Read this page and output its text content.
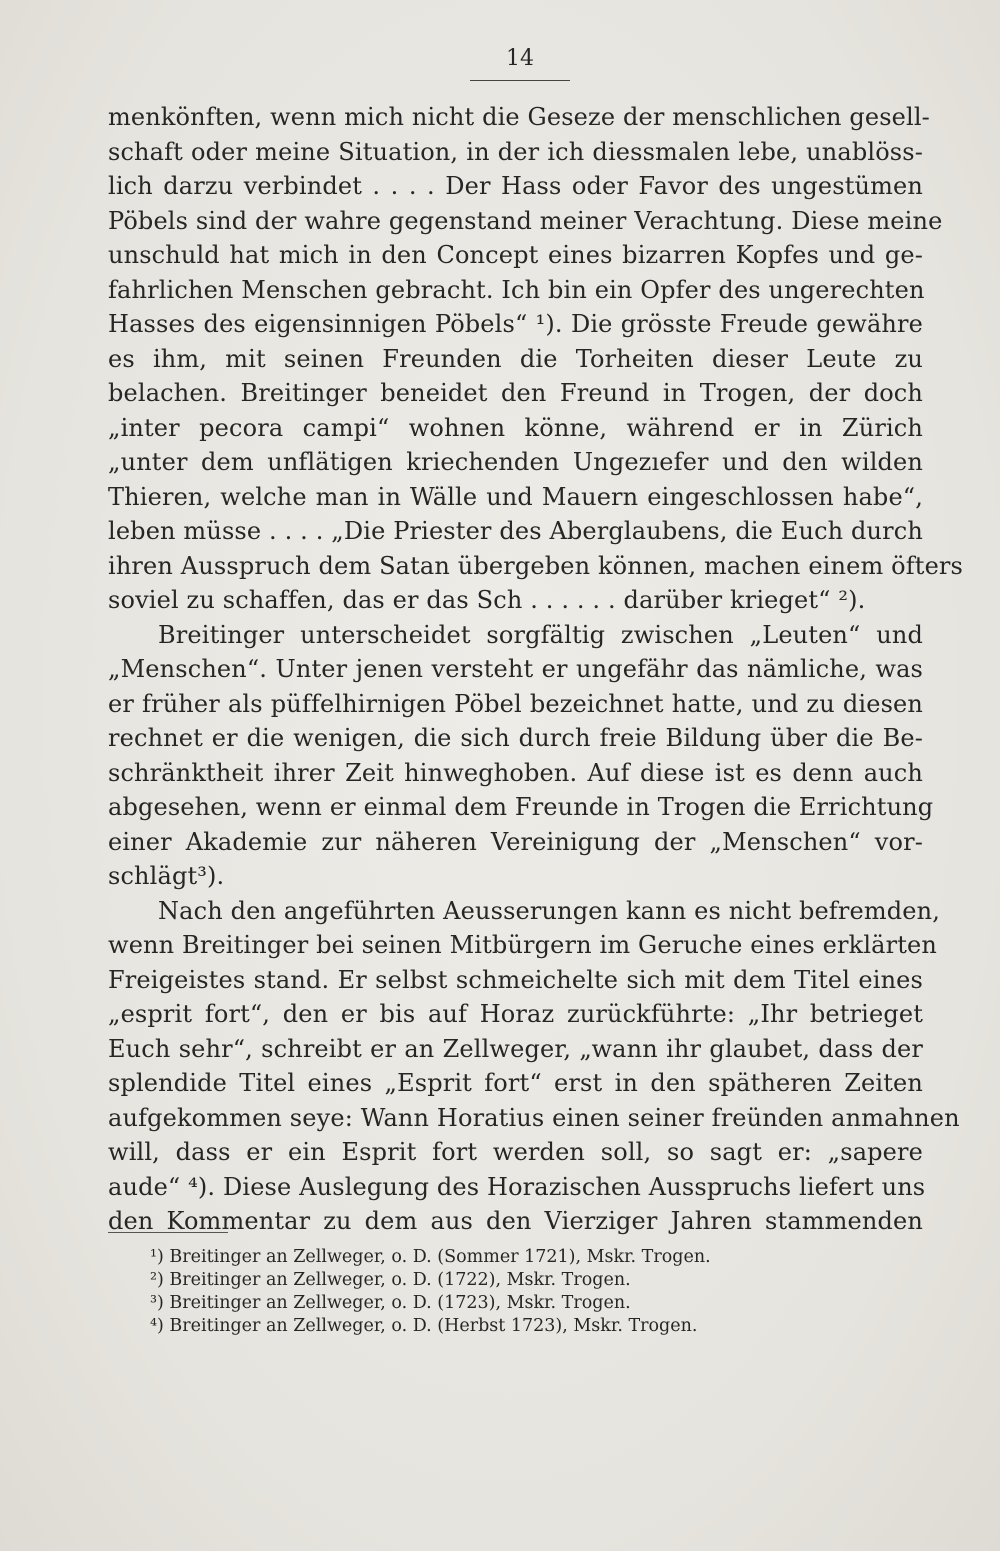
14
menkönften, wenn mich nicht die Geseze der menschlichen gesell-
schaft oder meine Situation, in der ich diessmalen lebe, unablöss-
lich darzu verbindet . . . . Der Hass oder Favor des ungestümen
Pöbels sind der wahre gegenstand meiner Verachtung. Diese meine
unschuld hat mich in den Concept eines bizarren Kopfes und ge-
fahrlichen Menschen gebracht. Ich bin ein Opfer des ungerechten
Hasses des eigensinnigen Pöbels“ ¹). Die grösste Freude gewähre
es ihm, mit seinen Freunden die Torheiten dieser Leute zu
belachen. Breitinger beneidet den Freund in Trogen, der doch
„inter pecora campi“ wohnen könne, während er in Zürich
„unter dem unflätigen kriechenden Ungezıefer und den wilden
Thieren, welche man in Wälle und Mauern eingeschlossen habe“,
leben müsse . . . . „Die Priester des Aberglaubens, die Euch durch
ihren Ausspruch dem Satan übergeben können, machen einem öfters
soviel zu schaffen, das er das Sch . . . . . . darüber krieget“ ²).
Breitinger unterscheidet sorgfältig zwischen „Leuten“ und
„Menschen“. Unter jenen versteht er ungefähr das nämliche, was
er früher als püffelhirnigen Pöbel bezeichnet hatte, und zu diesen
rechnet er die wenigen, die sich durch freie Bildung über die Be-
schränktheit ihrer Zeit hinweghoben. Auf diese ist es denn auch
abgesehen, wenn er einmal dem Freunde in Trogen die Errichtung
einer Akademie zur näheren Vereinigung der „Menschen“ vor-
schlägt³).
Nach den angeführten Aeusserungen kann es nicht befremden,
wenn Breitinger bei seinen Mitbürgern im Geruche eines erklärten
Freigeistes stand. Er selbst schmeichelte sich mit dem Titel eines
„esprit fort“, den er bis auf Horaz zurückführte: „Ihr betrieget
Euch sehr“, schreibt er an Zellweger, „wann ihr glaubet, dass der
splendide Titel eines „Esprit fort“ erst in den spätheren Zeiten
aufgekommen seye: Wann Horatius einen seiner freünden anmahnen
will, dass er ein Esprit fort werden soll, so sagt er: „sapere
aude“ ⁴). Diese Auslegung des Horazischen Ausspruchs liefert uns
den Kommentar zu dem aus den Vierziger Jahren stammenden
¹) Breitinger an Zellweger, o. D. (Sommer 1721), Mskr. Trogen.
²) Breitinger an Zellweger, o. D. (1722), Mskr. Trogen.
³) Breitinger an Zellweger, o. D. (1723), Mskr. Trogen.
⁴) Breitinger an Zellweger, o. D. (Herbst 1723), Mskr. Trogen.
